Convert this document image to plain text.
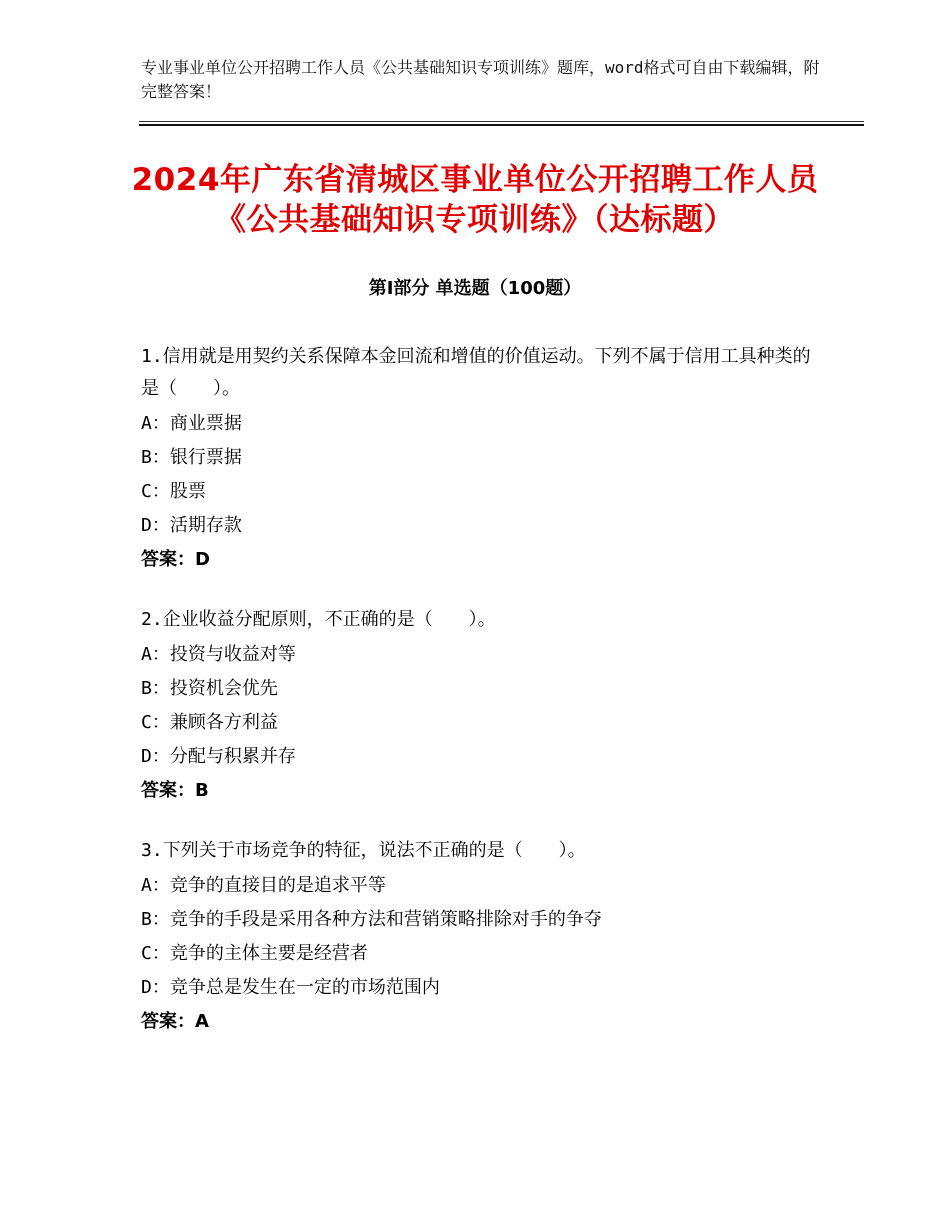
专业事业单位公开招聘工作人员《公共基础知识专项训练》题库，word格式可自由下载编辑，附完整答案！
2024年广东省清城区事业单位公开招聘工作人员《公共基础知识专项训练》（达标题）
第Ⅰ部分 单选题（100题）
1.信用就是用契约关系保障本金回流和增值的价值运动。下列不属于信用工具种类的是（　　）。
A：商业票据
B：银行票据
C：股票
D：活期存款
答案：D
2.企业收益分配原则，不正确的是（　　）。
A：投资与收益对等
B：投资机会优先
C：兼顾各方利益
D：分配与积累并存
答案：B
3.下列关于市场竞争的特征，说法不正确的是（　　）。
A：竞争的直接目的是追求平等
B：竞争的手段是采用各种方法和营销策略排除对手的争夺
C：竞争的主体主要是经营者
D：竞争总是发生在一定的市场范围内
答案：A
